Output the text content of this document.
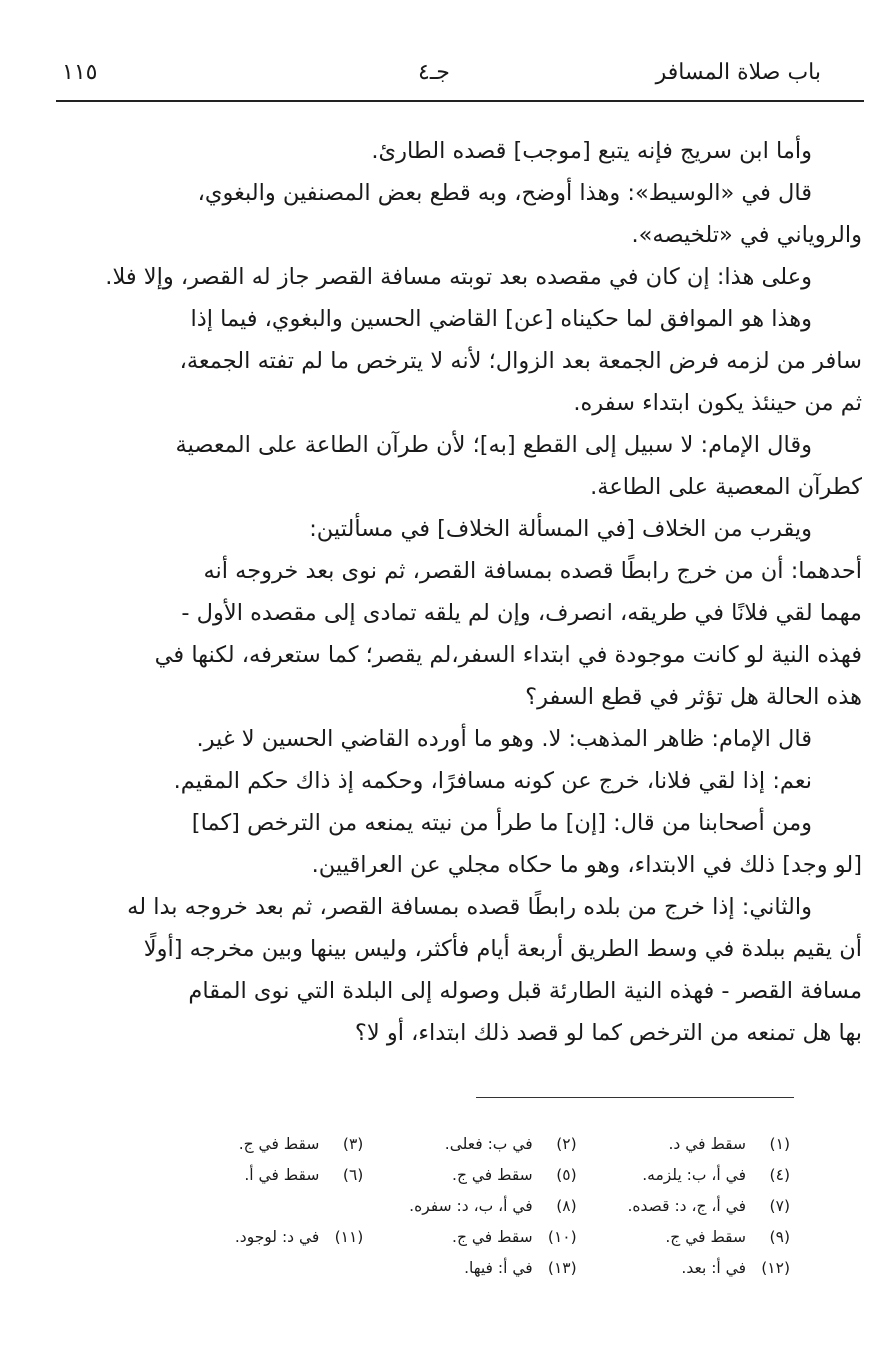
باب صلاة المسافر
جـ٤
١١٥

وأما ابن سريج فإنه يتبع [موجب] قصده الطارئ.

قال في «الوسيط»: وهذا أوضح، وبه قطع بعض المصنفين والبغوي،

والروياني في «تلخيصه».

وعلى هذا: إن كان في مقصده بعد توبته مسافة القصر جاز له القصر، وإلا فلا.

وهذا هو الموافق لما حكيناه [عن] القاضي الحسين والبغوي، فيما إذا

سافر من لزمه فرض الجمعة بعد الزوال؛ لأنه لا يترخص ما لم تفته الجمعة،

ثم من حينئذ يكون ابتداء سفره.

وقال الإمام: لا سبيل إلى القطع [به]؛ لأن طرآن الطاعة على المعصية

كطرآن المعصية على الطاعة.

ويقرب من الخلاف [في المسألة الخلاف] في مسألتين:

أحدهما: أن من خرج رابطًا قصده بمسافة القصر، ثم نوى بعد خروجه أنه

مهما لقي فلانًا في طريقه، انصرف، وإن لم يلقه تمادى إلى مقصده الأول -

فهذه النية لو كانت موجودة في ابتداء السفر،لم يقصر؛ كما ستعرفه، لكنها في

هذه الحالة هل تؤثر في قطع السفر؟

قال الإمام: ظاهر المذهب: لا. وهو ما أورده القاضي الحسين لا غير.

نعم: إذا لقي فلانا، خرج عن كونه مسافرًا، وحكمه إذ ذاك حكم المقيم.

ومن أصحابنا من قال: [إن] ما طرأ من نيته يمنعه من الترخص [كما]

[لو وجد] ذلك في الابتداء، وهو ما حكاه مجلي عن العراقيين.

والثاني: إذا خرج من بلده رابطًا قصده بمسافة القصر، ثم بعد خروجه بدا له

أن يقيم ببلدة في وسط الطريق أربعة أيام فأكثر، وليس بينها وبين مخرجه [أولًا

مسافة القصر - فهذه النية الطارئة قبل وصوله إلى البلدة التي نوى المقام

بها هل تمنعه من الترخص كما لو قصد ذلك ابتداء، أو لا؟

(١)سقط في د.
(٢)في ب: فعلى.
(٣)سقط في ج.
(٤)في أ، ب: يلزمه.
(٥)سقط في ج.
(٦)سقط في أ.
(٧)في أ، ج، د: قصده.
(٨)في أ، ب، د: سفره.
(٩)سقط في ج.
(١٠)سقط في ج.
(١١)في د: لوجود.
(١٢)في أ: بعد.
(١٣)في أ: فيها.
